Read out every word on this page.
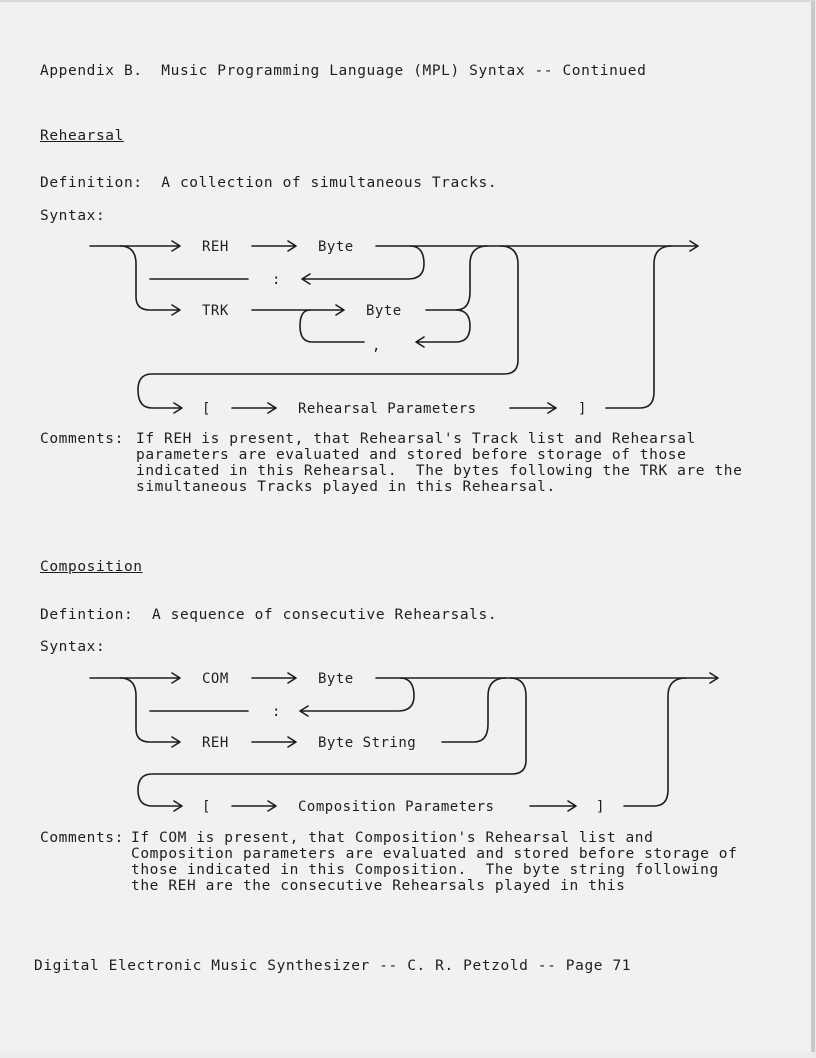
Appendix B.  Music Programming Language (MPL) Syntax -- Continued
Rehearsal
Definition:  A collection of simultaneous Tracks.
Syntax:
REH	Byte
:
TRK	Byte
,
[	Rehearsal Parameters	]
Comments: If REH is present, that Rehearsal's Track list and Rehearsal
parameters are evaluated and stored before storage of those
indicated in this Rehearsal.  The bytes following the TRK are the
simultaneous Tracks played in this Rehearsal.
Composition
Defintion:  A sequence of consecutive Rehearsals.
Syntax:
COM	Byte
:
REH	Byte String
[	Composition Parameters	]
Comments: If COM is present, that Composition's Rehearsal list and
Composition parameters are evaluated and stored before storage of
those indicated in this Composition.  The byte string following
the REH are the consecutive Rehearsals played in this
Digital Electronic Music Synthesizer -- C. R. Petzold -- Page 71
